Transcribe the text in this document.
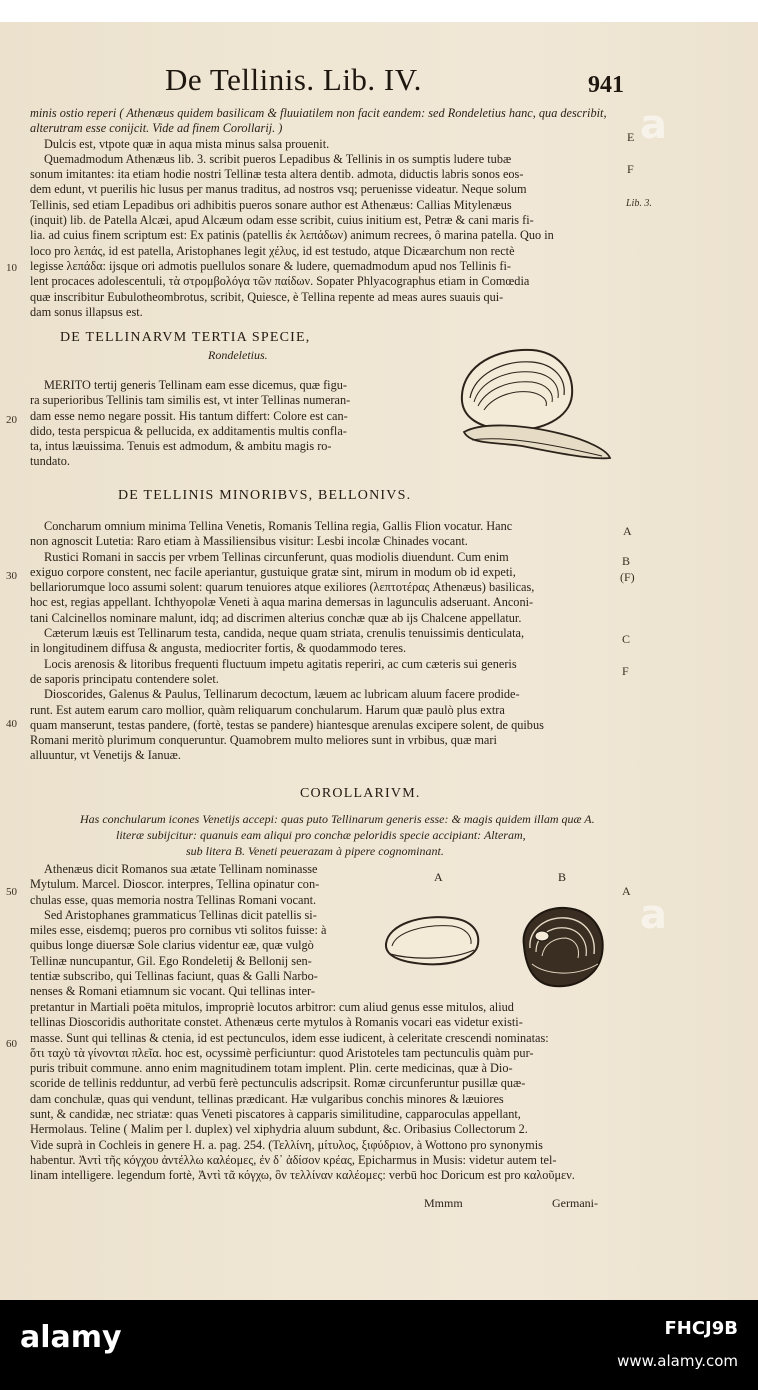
De Tellinis. Lib. IV.	941
minis ostio reperi ( Athenæus quidem basilicam & fluuiatilem non facit eandem: sed Rondeletius hanc, qua describit,
alterutram esse conijcit. Vide ad finem Corollarij. )
Dulcis est, vtpote quæ in aqua mista minus salsa prouenit.
Quemadmodum Athenæus lib. 3. scribit pueros Lepadibus & Tellinis in os sumptis ludere tubæ
sonum imitantes: ita etiam hodie nostri Tellinæ testa altera dentib. admota, diductis labris sonos eos-
dem edunt, vt puerilis hic lusus per manus traditus, ad nostros vsq; peruenisse videatur. Neque solum
Tellinis, sed etiam Lepadibus ori adhibitis pueros sonare author est Athenæus: Callias Mitylenæus
(inquit) lib. de Patella Alcæi, apud Alcæum odam esse scribit, cuius initium est, Petræ & cani maris fi-
lia. ad cuius finem scriptum est: Ex patinis (patellis ἐκ λεπάδων) animum recrees, ô marina patella. Quo in
loco pro λεπάς, id est patella, Aristophanes legit χέλυς, id est testudo, atque Dicæarchum non rectè
legisse λεπάδα: ijsque ori admotis puellulos sonare & ludere, quemadmodum apud nos Tellinis fi-
lent procaces adolescentuli, τὰ στρομβολόγα τῶν παίδων. Sopater Phlyacographus etiam in Comœdia
quæ inscribitur Eubulotheombrotus, scribit, Quiesce, è Tellina repente ad meas aures suauis qui-
dam sonus illapsus est.
DE TELLINARVM TERTIA SPECIE,
Rondeletius.
MERITO tertij generis Tellinam eam esse dicemus, quæ figu-
ra superioribus Tellinis tam similis est, vt inter Tellinas numeran-
dam esse nemo negare possit. His tantum differt: Colore est can-
dido, testa perspicua & pellucida, ex additamentis multis confla-
ta, intus læuissima. Tenuis est admodum, & ambitu magis ro-
tundato.
DE TELLINIS MINORIBVS, BELLONIVS.
Concharum omnium minima Tellina Venetis, Romanis Tellina regia, Gallis Flion vocatur. Hanc
non agnoscit Lutetia: Raro etiam à Massiliensibus visitur: Lesbi incolæ Chinades vocant.
Rustici Romani in saccis per vrbem Tellinas circunferunt, quas modiolis diuendunt. Cum enim
exiguo corpore constent, nec facile aperiantur, gustuique gratæ sint, mirum in modum ob id expeti,
bellariorumque loco assumi solent: quarum tenuiores atque exiliores (λεπτοτέρας Athenæus) basilicas,
hoc est, regias appellant. Ichthyopolæ Veneti à aqua marina demersas in lagunculis adseruant. Anconi-
tani Calcinellos nominare malunt, idq; ad discrimen alterius conchæ quæ ab ijs Chalcene appellatur.
Cæterum læuis est Tellinarum testa, candida, neque quam striata, crenulis tenuissimis denticulata,
in longitudinem diffusa & angusta, mediocriter fortis, & quodammodo teres.
Locis arenosis & litoribus frequenti fluctuum impetu agitatis reperiri, ac cum cæteris sui generis
de saporis principatu contendere solet.
Dioscorides, Galenus & Paulus, Tellinarum decoctum, læuem ac lubricam aluum facere prodide-
runt. Est autem earum caro mollior, quàm reliquarum conchularum. Harum quæ paulò plus extra
quam manserunt, testas pandere, (fortè, testas se pandere) hiantesque arenulas excipere solent, de quibus
Romani meritò plurimum conqueruntur. Quamobrem multo meliores sunt in vrbibus, quæ mari
alluuntur, vt Venetijs & Ianuæ.
COROLLARIVM.
Has conchularum icones Venetijs accepi: quas puto Tellinarum generis esse: & magis quidem illam quæ A.
literæ subijcitur: quanuis eam aliqui pro conchæ peloridis specie accipiant: Alteram,
sub litera B. Veneti peuerazam à pipere cognominant.
A	B
Athenæus dicit Romanos sua ætate Tellinam nominasse
Mytulum. Marcel. Dioscor. interpres, Tellina opinatur con-
chulas esse, quas memoria nostra Tellinas Romani vocant.
Sed Aristophanes grammaticus Tellinas dicit patellis si-
miles esse, eisdemq; pueros pro cornibus vti solitos fuisse: à
quibus longe diuersæ Sole clarius videntur eæ, quæ vulgò
Tellinæ nuncupantur, Gil. Ego Rondeletij & Bellonij sen-
tentiæ subscribo, qui Tellinas faciunt, quas & Galli Narbo-
nenses & Romani etiamnum sic vocant. Qui tellinas inter-
pretantur in Martiali poëta mitulos, impropriè locutos arbitror: cum aliud genus esse mitulos, aliud
tellinas Dioscoridis authoritate constet. Athenæus certe mytulos à Romanis vocari eas videtur existi-
masse. Sunt qui tellinas & ctenia, id est pectunculos, idem esse iudicent, à celeritate crescendi nominatas:
ὅτι ταχὺ τὰ γίνονται πλεῖα. hoc est, ocyssimè perficiuntur: quod Aristoteles tam pectunculis quàm pur-
puris tribuit commune. anno enim magnitudinem totam implent. Plin. certe medicinas, quæ à Dio-
scoride de tellinis redduntur, ad verbū ferè pectunculis adscripsit. Romæ circunferuntur pusillæ quæ-
dam conchulæ, quas qui vendunt, tellinas prædicant. Hæ vulgaribus conchis minores & læuiores
sunt, & candidæ, nec striatæ: quas Veneti piscatores à capparis similitudine, capparoculas appellant,
Hermolaus. Teline ( Malim per l. duplex) vel xiphydria aluum subdunt, &c. Oribasius Collectorum 2.
Vide suprà in Cochleis in genere H. a. pag. 254. (Τελλίνη, μίτυλος, ξιφύδριον, à Wottono pro synonymis
habentur. Ἀντὶ τῆς κόγχου ἀντέλλω καλέομες, ἐν δ᾽ ἀδίσον κρέας, Epicharmus in Musis: videtur autem tel-
linam intelligere. legendum fortè, Ἀντὶ τᾶ κόγχω, ὃν τελλίναν καλέομες: verbū hoc Doricum est pro καλοῦμεν.
Mmmm	Germani-
10
20
30
40
50
60
E
F
Lib. 3.
A
B
(F)
C
F
A
a
a
alamy	FHCJ9B
www.alamy.com
